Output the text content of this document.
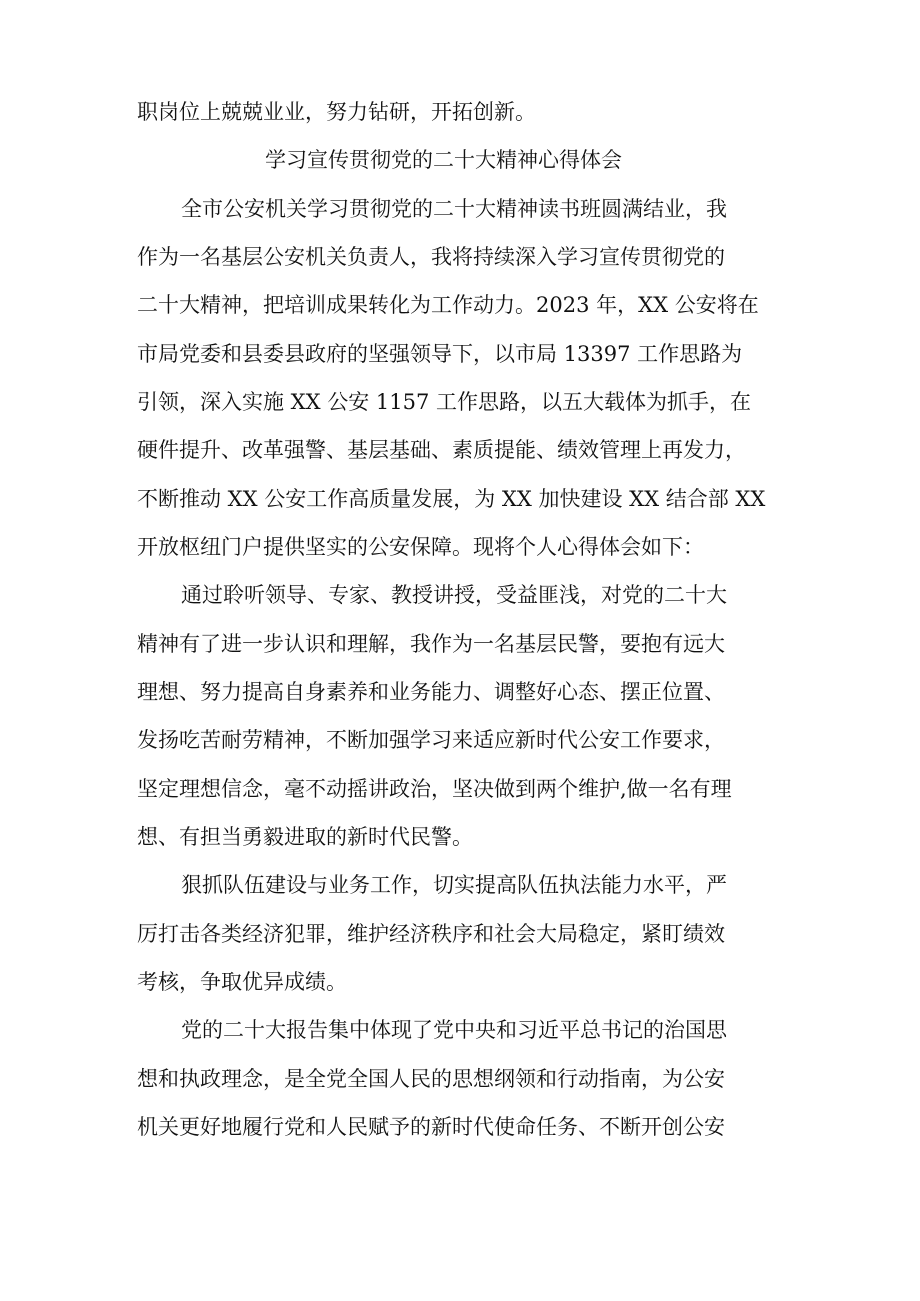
职岗位上兢兢业业，努力钻研，开拓创新。
学习宣传贯彻党的二十大精神心得体会
全市公安机关学习贯彻党的二十大精神读书班圆满结业，我
作为一名基层公安机关负责人，我将持续深入学习宣传贯彻党的
二十大精神，把培训成果转化为工作动力。2023 年，XX 公安将在
市局党委和县委县政府的坚强领导下，以市局 13397 工作思路为
引领，深入实施 XX 公安 1157 工作思路，以五大载体为抓手，在
硬件提升、改革强警、基层基础、素质提能、绩效管理上再发力，
不断推动 XX 公安工作高质量发展，为 XX 加快建设 XX 结合部 XX
开放枢纽门户提供坚实的公安保障。现将个人心得体会如下：
通过聆听领导、专家、教授讲授，受益匪浅，对党的二十大
精神有了进一步认识和理解，我作为一名基层民警，要抱有远大
理想、努力提高自身素养和业务能力、调整好心态、摆正位置、
发扬吃苦耐劳精神，不断加强学习来适应新时代公安工作要求，
坚定理想信念，毫不动摇讲政治，坚决做到两个维护,做一名有理
想、有担当勇毅进取的新时代民警。
狠抓队伍建设与业务工作，切实提高队伍执法能力水平，严
厉打击各类经济犯罪，维护经济秩序和社会大局稳定，紧盯绩效
考核，争取优异成绩。
党的二十大报告集中体现了党中央和习近平总书记的治国思
想和执政理念，是全党全国人民的思想纲领和行动指南，为公安
机关更好地履行党和人民赋予的新时代使命任务、不断开创公安
